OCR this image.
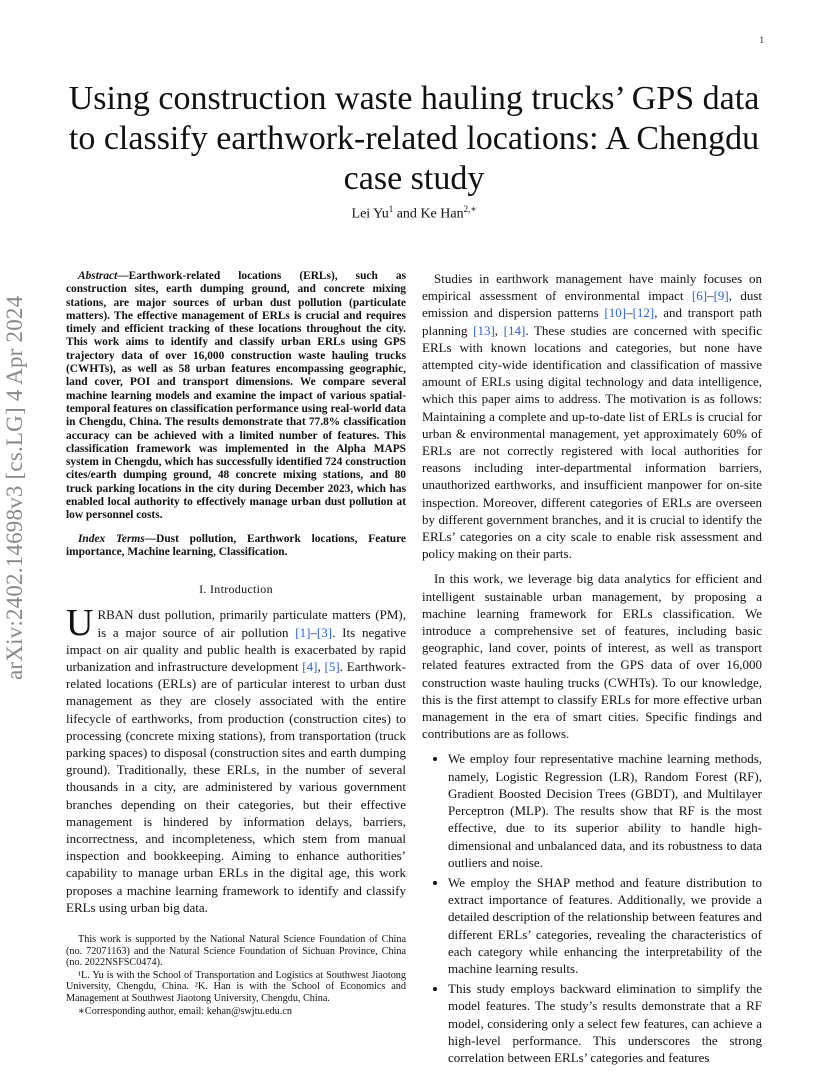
1
arXiv:2402.14698v3 [cs.LG] 4 Apr 2024
Using construction waste hauling trucks’ GPS data to classify earthwork-related locations: A Chengdu case study
Lei Yu$^1$ and Ke Han$^{2,∗}$

Abstract—Earthwork-related locations (ERLs), such as construction sites, earth dumping ground, and concrete mixing stations, are major sources of urban dust pollution (particulate matters). The effective management of ERLs is crucial and requires timely and efficient tracking of these locations throughout the city. This work aims to identify and classify urban ERLs using GPS trajectory data of over 16,000 construction waste hauling trucks (CWHTs), as well as 58 urban features encompassing geographic, land cover, POI and transport dimensions. We compare several machine learning models and examine the impact of various spatial-temporal features on classification performance using real-world data in Chengdu, China. The results demonstrate that 77.8% classification accuracy can be achieved with a limited number of features. This classification framework was implemented in the Alpha MAPS system in Chengdu, which has successfully identified 724 construction cites/earth dumping ground, 48 concrete mixing stations, and 80 truck parking locations in the city during December 2023, which has enabled local authority to effectively manage urban dust pollution at low personnel costs.

Index Terms—Dust pollution, Earthwork locations, Feature importance, Machine learning, Classification.

I. Introduction

URBAN dust pollution, primarily particulate matters (PM), is a major source of air pollution [1]–[3]. Its negative impact on air quality and public health is exacerbated by rapid urbanization and infrastructure development [4], [5]. Earthwork-related locations (ERLs) are of particular interest to urban dust management as they are closely associated with the entire lifecycle of earthworks, from production (construction cites) to processing (concrete mixing stations), from transportation (truck parking spaces) to disposal (construction sites and earth dumping ground). Traditionally, these ERLs, in the number of several thousands in a city, are administered by various government branches depending on their categories, but their effective management is hindered by information delays, barriers, incorrectness, and incompleteness, which stem from manual inspection and bookkeeping. Aiming to enhance authorities’ capability to manage urban ERLs in the digital age, this work proposes a machine learning framework to identify and classify ERLs using urban big data.

This work is supported by the National Natural Science Foundation of China (no. 72071163) and the Natural Science Foundation of Sichuan Province, China (no. 2022NSFSC0474).

¹L. Yu is with the School of Transportation and Logistics at Southwest Jiaotong University, Chengdu, China. ²K. Han is with the School of Economics and Management at Southwest Jiaotong University, Chengdu, China.

∗Corresponding author, email: kehan@swjtu.edu.cn

Studies in earthwork management have mainly focuses on empirical assessment of environmental impact [6]–[9], dust emission and dispersion patterns [10]–[12], and transport path planning [13], [14]. These studies are concerned with specific ERLs with known locations and categories, but none have attempted city-wide identification and classification of massive amount of ERLs using digital technology and data intelligence, which this paper aims to address. The motivation is as follows: Maintaining a complete and up-to-date list of ERLs is crucial for urban & environmental management, yet approximately 60% of ERLs are not correctly registered with local authorities for reasons including inter-departmental information barriers, unauthorized earthworks, and insufficient manpower for on-site inspection. Moreover, different categories of ERLs are overseen by different government branches, and it is crucial to identify the ERLs’ categories on a city scale to enable risk assessment and policy making on their parts.

In this work, we leverage big data analytics for efficient and intelligent sustainable urban management, by proposing a machine learning framework for ERLs classification. We introduce a comprehensive set of features, including basic geographic, land cover, points of interest, as well as transport related features extracted from the GPS data of over 16,000 construction waste hauling trucks (CWHTs). To our knowledge, this is the first attempt to classify ERLs for more effective urban management in the era of smart cities. Specific findings and contributions are as follows.

• We employ four representative machine learning methods, namely, Logistic Regression (LR), Random Forest (RF), Gradient Boosted Decision Trees (GBDT), and Multilayer Perceptron (MLP). The results show that RF is the most effective, due to its superior ability to handle high-dimensional and unbalanced data, and its robustness to data outliers and noise.
• We employ the SHAP method and feature distribution to extract importance of features. Additionally, we provide a detailed description of the relationship between features and different ERLs’ categories, revealing the characteristics of each category while enhancing the interpretability of the machine learning results.
• This study employs backward elimination to simplify the model features. The study’s results demonstrate that a RF model, considering only a select few features, can achieve a high-level performance. This underscores the strong correlation between ERLs’ categories and features
